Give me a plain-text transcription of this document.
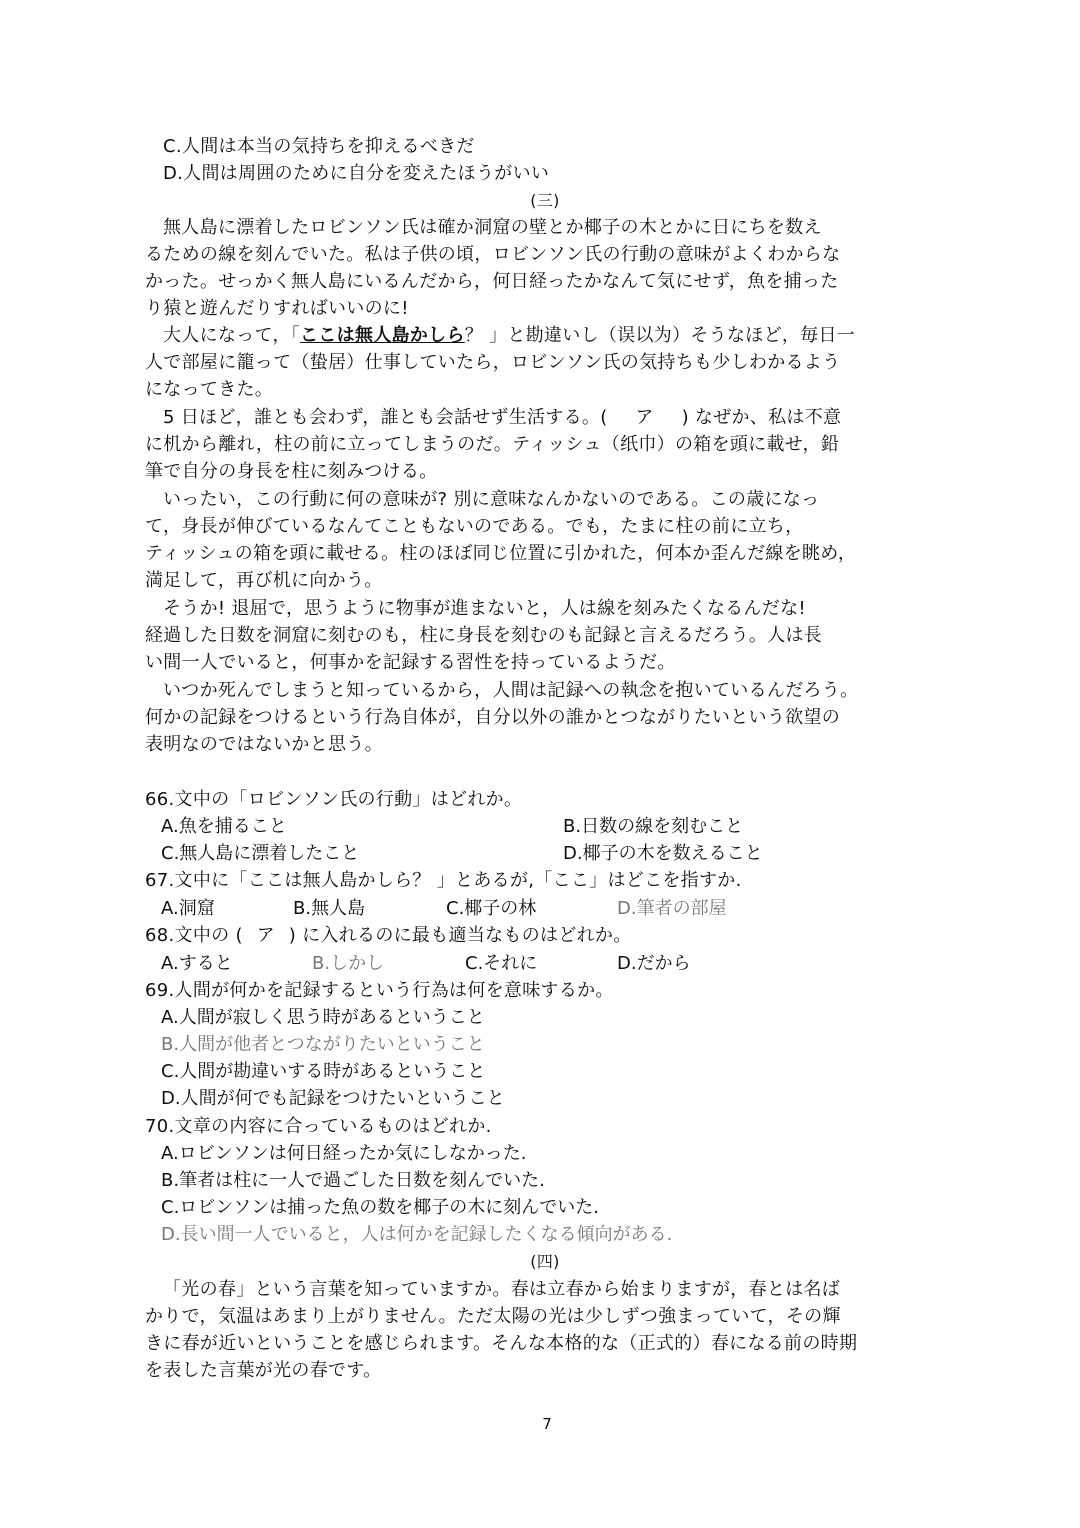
C.人間は本当の気持ちを抑えるべきだ
D.人間は周囲のために自分を変えたほうがいい
(三)
無人島に漂着したロビンソン氏は確か洞窟の壁とか椰子の木とかに日にちを数え
るための線を刻んでいた。私は子供の頃，ロビンソン氏の行動の意味がよくわからな
かった。せっかく無人島にいるんだから，何日経ったかなんて気にせず，魚を捕った
り猿と遊んだりすればいいのに!
大人になって，「ここは無人島かしら？ 」と勘違いし（误以为）そうなほど，毎日一
人で部屋に籠って（蛰居）仕事していたら，ロビンソン氏の気持ちも少しわかるよう
になってきた。
5 日ほど，誰とも会わず，誰とも会話せず生活する。( ア ) なぜか、私は不意
に机から離れ，柱の前に立ってしまうのだ。ティッシュ（纸巾）の箱を頭に載せ，鉛
筆で自分の身長を柱に刻みつける。
いったい，この行動に何の意味が? 別に意味なんかないのである。この歳になっ
て，身長が伸びているなんてこともないのである。でも，たまに柱の前に立ち，
ティッシュの箱を頭に載せる。柱のほぼ同じ位置に引かれた，何本か歪んだ線を眺め，
満足して，再び机に向かう。
そうか! 退屈で，思うように物事が進まないと，人は線を刻みたくなるんだな!
経過した日数を洞窟に刻むのも，柱に身長を刻むのも記録と言えるだろう。人は長
い間一人でいると，何事かを記録する習性を持っているようだ。
いつか死んでしまうと知っているから，人間は記録への執念を抱いているんだろう。
何かの記録をつけるという行為自体が，自分以外の誰かとつながりたいという欲望の
表明なのではないかと思う。
66.文中の「ロビンソン氏の行動」はどれか。
A.魚を捕ること	B.日数の線を刻むこと
C.無人島に漂着したこと	D.椰子の木を数えること
67.文中に「ここは無人島かしら？ 」とあるが,「ここ」はどこを指すか.
A.洞窟	B.無人島	C.椰子の林	D.筆者の部屋
68.文中の ( ア ) に入れるのに最も適当なものはどれか。
A.すると	B.しかし	C.それに	D.だから
69.人間が何かを記録するという行為は何を意味するか。
A.人間が寂しく思う時があるということ
B.人間が他者とつながりたいということ
C.人間が勘違いする時があるということ
D.人間が何でも記録をつけたいということ
70.文章の内容に合っているものはどれか.
A.ロビンソンは何日経ったか気にしなかった.
B.筆者は柱に一人で過ごした日数を刻んでいた.
C.ロビンソンは捕った魚の数を椰子の木に刻んでいた.
D.長い間一人でいると，人は何かを記録したくなる傾向がある.
(四)
「光の春」という言葉を知っていますか。春は立春から始まりますが，春とは名ば
かりで，気温はあまり上がりません。ただ太陽の光は少しずつ強まっていて，その輝
きに春が近いということを感じられます。そんな本格的な（正式的）春になる前の時期
を表した言葉が光の春です。
7
